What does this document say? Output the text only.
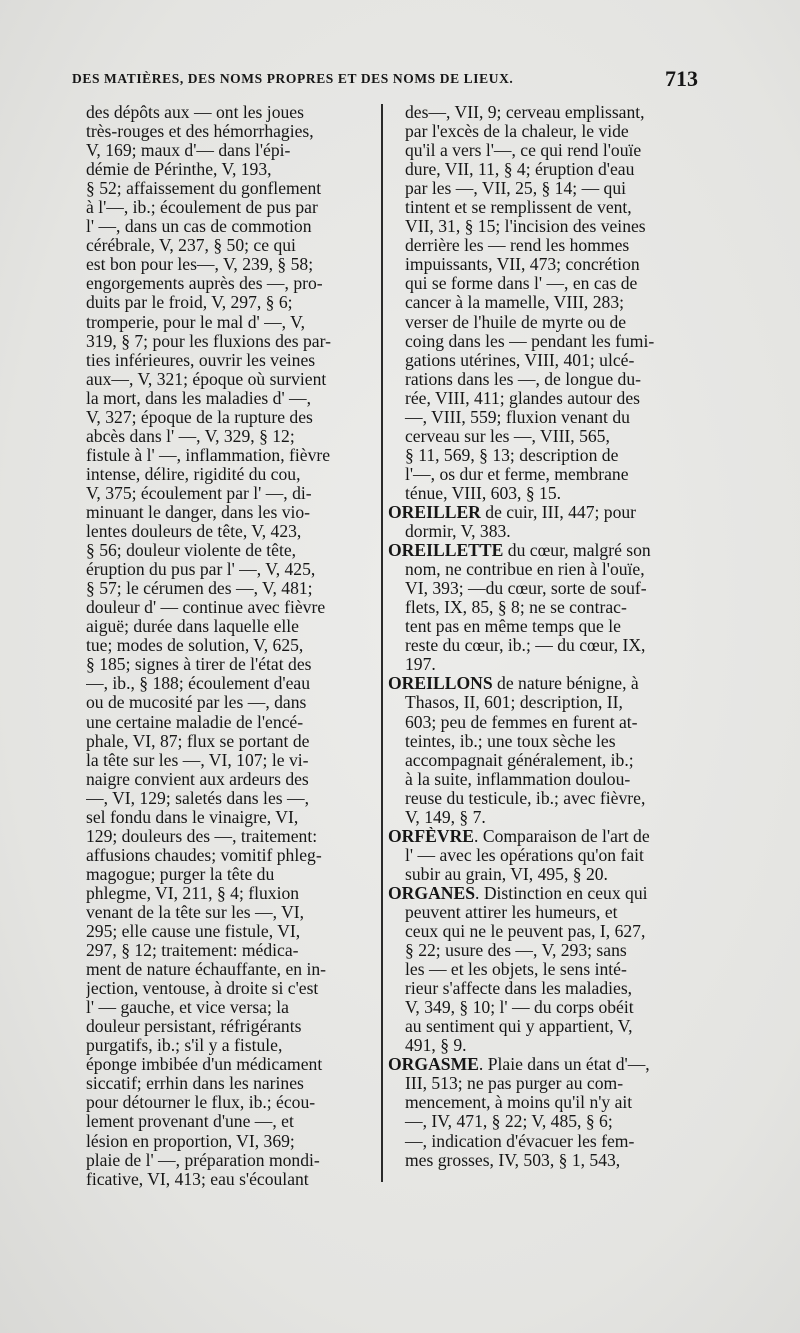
DES MATIÈRES, DES NOMS PROPRES ET DES NOMS DE LIEUX.	713
des dépôts aux — ont les joues
très-rouges et des hémorrhagies,
V, 169; maux d'— dans l'épi-
démie de Périnthe, V, 193,
§ 52; affaissement du gonflement
à l'—, ib.; écoulement de pus par
l' —, dans un cas de commotion
cérébrale, V, 237, § 50; ce qui
est bon pour les—, V, 239, § 58;
engorgements auprès des —, pro-
duits par le froid, V, 297, § 6;
tromperie, pour le mal d' —, V,
319, § 7; pour les fluxions des par-
ties inférieures, ouvrir les veines
aux—, V, 321; époque où survient
la mort, dans les maladies d' —,
V, 327; époque de la rupture des
abcès dans l' —, V, 329, § 12;
fistule à l' —, inflammation, fièvre
intense, délire, rigidité du cou,
V, 375; écoulement par l' —, di-
minuant le danger, dans les vio-
lentes douleurs de tête, V, 423,
§ 56; douleur violente de tête,
éruption du pus par l' —, V, 425,
§ 57; le cérumen des —, V, 481;
douleur d' — continue avec fièvre
aiguë; durée dans laquelle elle
tue; modes de solution, V, 625,
§ 185; signes à tirer de l'état des
—, ib., § 188; écoulement d'eau
ou de mucosité par les —, dans
une certaine maladie de l'encé-
phale, VI, 87; flux se portant de
la tête sur les —, VI, 107; le vi-
naigre convient aux ardeurs des
—, VI, 129; saletés dans les —,
sel fondu dans le vinaigre, VI,
129; douleurs des —, traitement:
affusions chaudes; vomitif phleg-
magogue; purger la tête du
phlegme, VI, 211, § 4; fluxion
venant de la tête sur les —, VI,
295; elle cause une fistule, VI,
297, § 12; traitement: médica-
ment de nature échauffante, en in-
jection, ventouse, à droite si c'est
l' — gauche, et vice versa; la
douleur persistant, réfrigérants
purgatifs, ib.; s'il y a fistule,
éponge imbibée d'un médicament
siccatif; errhin dans les narines
pour détourner le flux, ib.; écou-
lement provenant d'une —, et
lésion en proportion, VI, 369;
plaie de l' —, préparation mondi-
ficative, VI, 413; eau s'écoulant
des—, VII, 9; cerveau emplissant,
par l'excès de la chaleur, le vide
qu'il a vers l'—, ce qui rend l'ouïe
dure, VII, 11, § 4; éruption d'eau
par les —, VII, 25, § 14; — qui
tintent et se remplissent de vent,
VII, 31, § 15; l'incision des veines
derrière les — rend les hommes
impuissants, VII, 473; concrétion
qui se forme dans l' —, en cas de
cancer à la mamelle, VIII, 283;
verser de l'huile de myrte ou de
coing dans les — pendant les fumi-
gations utérines, VIII, 401; ulcé-
rations dans les —, de longue du-
rée, VIII, 411; glandes autour des
—, VIII, 559; fluxion venant du
cerveau sur les —, VIII, 565,
§ 11, 569, § 13; description de
l'—, os dur et ferme, membrane
ténue, VIII, 603, § 15.
OREILLER de cuir, III, 447; pour
dormir, V, 383.
OREILLETTE du cœur, malgré son
nom, ne contribue en rien à l'ouïe,
VI, 393; —du cœur, sorte de souf-
flets, IX, 85, § 8; ne se contrac-
tent pas en même temps que le
reste du cœur, ib.; — du cœur, IX,
197.
OREILLONS de nature bénigne, à
Thasos, II, 601; description, II,
603; peu de femmes en furent at-
teintes, ib.; une toux sèche les
accompagnait généralement, ib.;
à la suite, inflammation doulou-
reuse du testicule, ib.; avec fièvre,
V, 149, § 7.
ORFÈVRE. Comparaison de l'art de
l' — avec les opérations qu'on fait
subir au grain, VI, 495, § 20.
ORGANES. Distinction en ceux qui
peuvent attirer les humeurs, et
ceux qui ne le peuvent pas, I, 627,
§ 22; usure des —, V, 293; sans
les — et les objets, le sens inté-
rieur s'affecte dans les maladies,
V, 349, § 10; l' — du corps obéit
au sentiment qui y appartient, V,
491, § 9.
ORGASME. Plaie dans un état d'—,
III, 513; ne pas purger au com-
mencement, à moins qu'il n'y ait
—, IV, 471, § 22; V, 485, § 6;
—, indication d'évacuer les fem-
mes grosses, IV, 503, § 1, 543,
